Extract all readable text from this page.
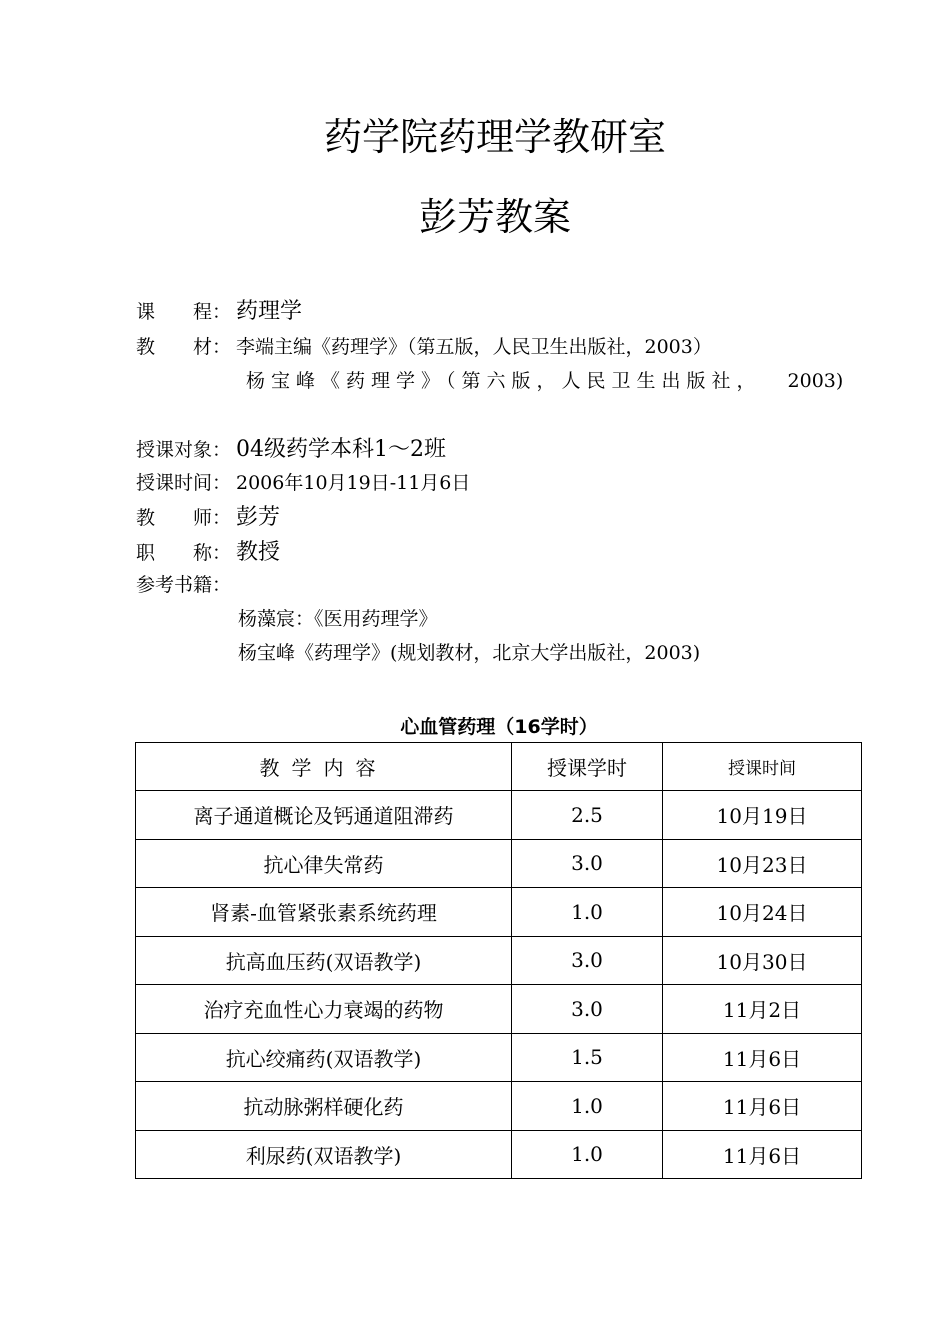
药学院药理学教研室
彭芳教案
课　　程： 药理学
教　　材： 李端主编《药理学》（第五版，人民卫生出版社，2003）
杨宝峰《药理学》（第六版，人民卫生出版社， 2003)
授课对象： 04级药学本科1～2班
授课时间： 2006年10月19日-11月6日
教　　师： 彭芳
职　　称： 教授
参考书籍：
杨藻宸：《医用药理学》
杨宝峰《药理学》(规划教材，北京大学出版社，2003)
心血管药理（16学时）
教学内容	授课学时	授课时间
离子通道概论及钙通道阻滞药	2.5	10月19日
抗心律失常药	3.0	10月23日
肾素-血管紧张素系统药理	1.0	10月24日
抗高血压药(双语教学)	3.0	10月30日
治疗充血性心力衰竭的药物	3.0	11月2日
抗心绞痛药(双语教学)	1.5	11月6日
抗动脉粥样硬化药	1.0	11月6日
利尿药(双语教学)	1.0	11月6日
